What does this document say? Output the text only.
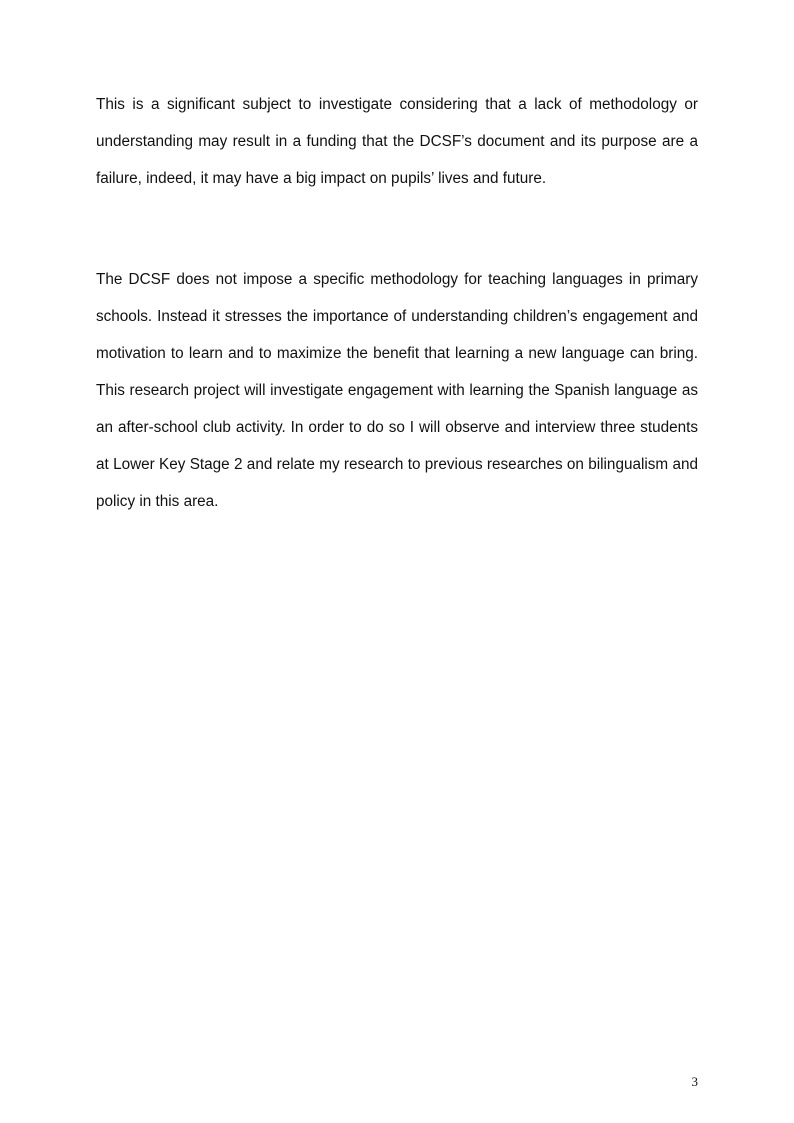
This is a significant subject to investigate considering that a lack of methodology or understanding may result in a funding that the DCSF’s document and its purpose are a failure, indeed, it may have a big impact on pupils’ lives and future.

The DCSF does not impose a specific methodology for teaching languages in primary schools. Instead it stresses the importance of understanding children’s engagement and motivation to learn and to maximize the benefit that learning a new language can bring. This research project will investigate engagement with learning the Spanish language as an after-school club activity. In order to do so I will observe and interview three students at Lower Key Stage 2 and relate my research to previous researches on bilingualism and policy in this area.

3
